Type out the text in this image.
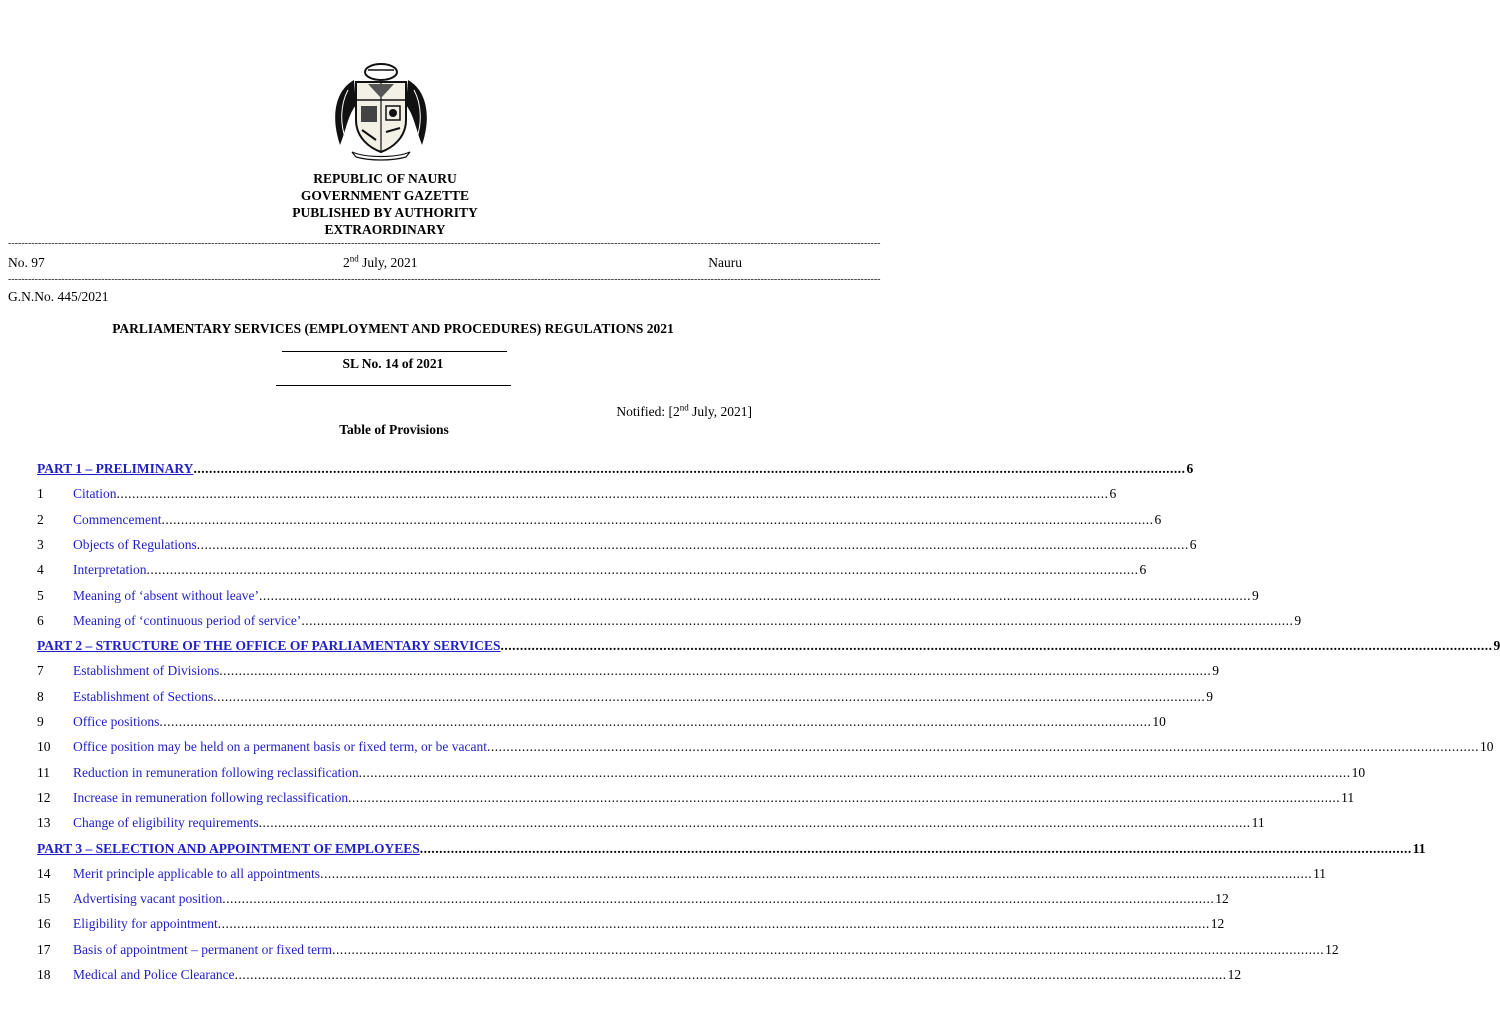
REPUBLIC OF NAURU
GOVERNMENT GAZETTE
PUBLISHED BY AUTHORITY
EXTRAORDINARY
----------------------------------------------------------------------------------------------------------------------------------------------------------------------------------------------------------------------------------------------------------------------
No. 97	2nd July, 2021	Nauru
----------------------------------------------------------------------------------------------------------------------------------------------------------------------------------------------------------------------------------------------------------------------
G.N.No. 445/2021
PARLIAMENTARY SERVICES (EMPLOYMENT AND PROCEDURES) REGULATIONS 2021
SL No. 14 of 2021
Notified: [2nd July, 2021]
Table of Provisions
PART 1 – PRELIMINARY .....	6
1	Citation .....	6
2	Commencement .....	6
3	Objects of Regulations .....	6
4	Interpretation .....	6
5	Meaning of ‘absent without leave’ .....	9
6	Meaning of ‘continuous period of service’ .....	9
PART 2 – STRUCTURE OF THE OFFICE OF PARLIAMENTARY SERVICES .....	9
7	Establishment of Divisions .....	9
8	Establishment of Sections .....	9
9	Office positions .....	10
10	Office position may be held on a permanent basis or fixed term, or be vacant .....	10
11	Reduction in remuneration following reclassification .....	10
12	Increase in remuneration following reclassification .....	11
13	Change of eligibility requirements .....	11
PART 3 – SELECTION AND APPOINTMENT OF EMPLOYEES .....	11
14	Merit principle applicable to all appointments .....	11
15	Advertising vacant position .....	12
16	Eligibility for appointment .....	12
17	Basis of appointment – permanent or fixed term .....	12
18	Medical and Police Clearance .....	12
